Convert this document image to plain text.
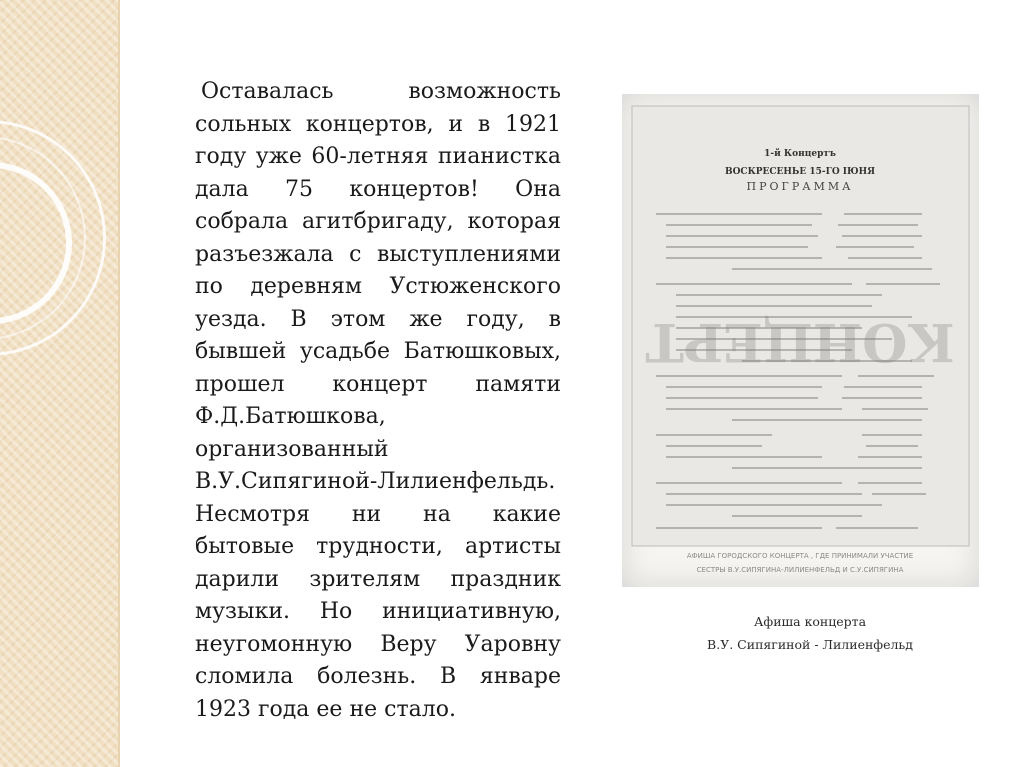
Оставалась возможность сольных концертов, и в 1921 году уже 60-летняя пианистка дала 75 концертов! Она собрала агитбригаду, которая разъезжала с выступлениями по деревням Устюженского уезда. В этом же году, в бывшей усадьбе Батюшковых, прошел концерт памяти Ф.Д.Батюшкова, организованный В.У.Сипягиной-Лилиенфельдь. Несмотря ни на какие бытовые трудности, артисты дарили зрителям праздник музыки. Но инициативную, неугомонную Веру Уаровну сломила болезнь. В январе 1923 года ее не стало.

1-й Концертъ
ВОСКРЕСЕНЬЕ 15-ГО IЮНЯ
ПРОГРАММА
КОНЦЕРТ
АФИША ГОРОДСКОГО КОНЦЕРТА , ГДЕ ПРИНИМАЛИ УЧАСТИЕ
СЕСТРЫ В.У.СИПЯГИНА-ЛИЛИЕНФЕЛЬД И С.У.СИПЯГИНА
Афиша концерта
В.У. Сипягиной - Лилиенфельд
